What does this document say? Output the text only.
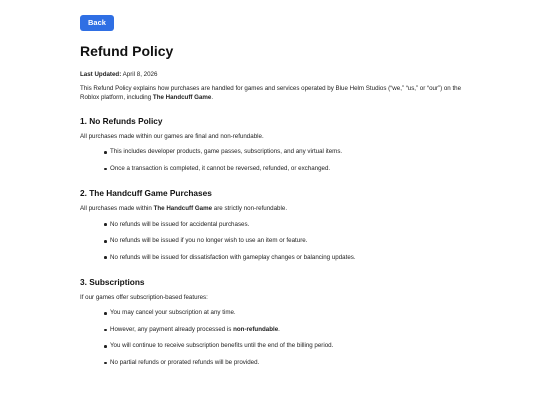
Back
Refund Policy

Last Updated: April 8, 2026

This Refund Policy explains how purchases are handled for games and services operated by Blue Helm Studios (“we,” “us,” or “our”) on the Roblox platform, including The Handcuff Game.

1. No Refunds Policy

All purchases made within our games are final and non-refundable.

This includes developer products, game passes, subscriptions, and any virtual items.
Once a transaction is completed, it cannot be reversed, refunded, or exchanged.
2. The Handcuff Game Purchases

All purchases made within The Handcuff Game are strictly non-refundable.

No refunds will be issued for accidental purchases.
No refunds will be issued if you no longer wish to use an item or feature.
No refunds will be issued for dissatisfaction with gameplay changes or balancing updates.
3. Subscriptions

If our games offer subscription-based features:

You may cancel your subscription at any time.
However, any payment already processed is non-refundable.
You will continue to receive subscription benefits until the end of the billing period.
No partial refunds or prorated refunds will be provided.
